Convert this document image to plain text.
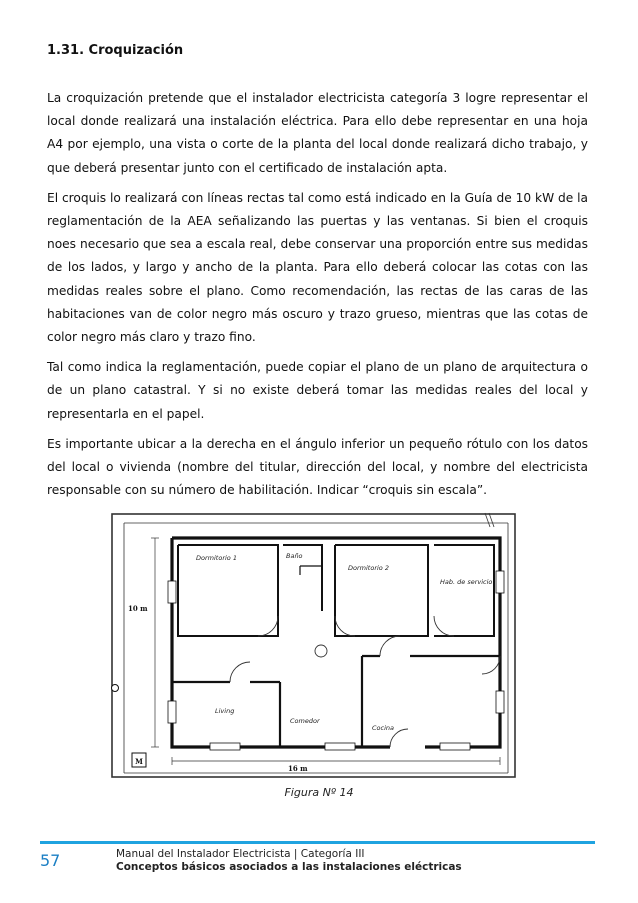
1.31. Croquización

La croquización pretende que el instalador electricista categoría 3 logre representar el local donde realizará una instalación eléctrica. Para ello debe representar en una hoja A4 por ejemplo, una vista o corte de la planta del local donde realizará dicho trabajo, y que deberá presentar junto con el certificado de instalación apta.

El croquis lo realizará con líneas rectas tal como está indicado en la Guía de 10 kW de la reglamentación de la AEA señalizando las puertas y las ventanas. Si bien el croquis noes necesario que sea a escala real, debe conservar una proporción entre sus medidas de los lados, y largo y ancho de la planta. Para ello deberá colocar las cotas con las medidas reales sobre el plano. Como recomendación, las rectas de las caras de las habitaciones van de color negro más oscuro y trazo grueso, mientras que las cotas de color negro más claro y trazo fino.

Tal como indica la reglamentación, puede copiar el plano de un plano de arquitectura o de un plano catastral. Y si no existe deberá tomar las medidas reales del local y representarla en el papel.

Es importante ubicar a la derecha en el ángulo inferior un pequeño rótulo con los datos del local o vivienda (nombre del titular, dirección del local, y nombre del electricista responsable con su número de habilitación. Indicar “croquis sin escala”.

M
10 m
16 m
Dormitorio 1	Baño
Dormitorio 2
Hab. de servicio
Living
Comedor
Cocina
Figura Nº 14
57	Manual del Instalador Electricista | Categoría III
Conceptos básicos asociados a las instalaciones eléctricas
